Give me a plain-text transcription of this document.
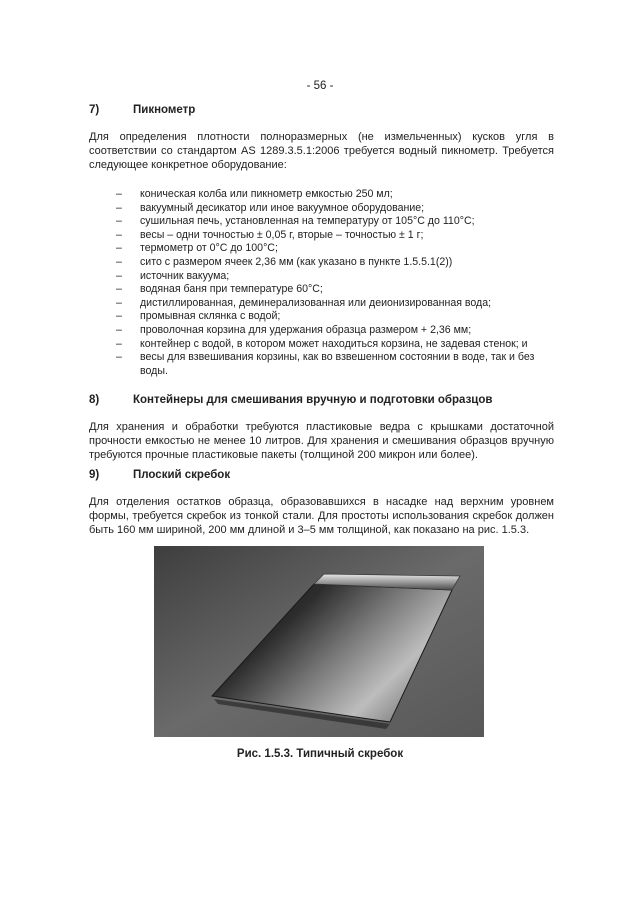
- 56 -
7)	Пикнометр
Для определения плотности полноразмерных (не измельченных) кусков угля в соответствии со стандартом AS 1289.3.5.1:2006 требуется водный пикнометр. Требуется следующее конкретное оборудование:
– коническая колба или пикнометр емкостью 250 мл;
– вакуумный десикатор или иное вакуумное оборудование;
– сушильная печь, установленная на температуру от 105°С до 110°С;
– весы – одни точностью ± 0,05 г, вторые – точностью ± 1 г;
– термометр от 0°С до 100°С;
– сито с размером ячеек 2,36 мм (как указано в пункте 1.5.5.1(2))
– источник вакуума;
– водяная баня при температуре 60°С;
– дистиллированная, деминерализованная или деионизированная вода;
– промывная склянка с водой;
– проволочная корзина для удержания образца размером + 2,36 мм;
– контейнер с водой, в котором может находиться корзина, не задевая стенок; и
– весы для взвешивания корзины, как во взвешенном состоянии в воде, так и без воды.
8)	Контейнеры для смешивания вручную и подготовки образцов
Для хранения и обработки требуются пластиковые ведра с крышками достаточной прочности емкостью не менее 10 литров. Для хранения и смешивания образцов вручную требуются прочные пластиковые пакеты (толщиной 200 микрон или более).
9)	Плоский скребок
Для отделения остатков образца, образовавшихся в насадке над верхним уровнем формы, требуется скребок из тонкой стали. Для простоты использования скребок должен быть 160 мм шириной, 200 мм длиной и 3–5 мм толщиной, как показано на рис. 1.5.3.
Рис. 1.5.3. Типичный скребок
